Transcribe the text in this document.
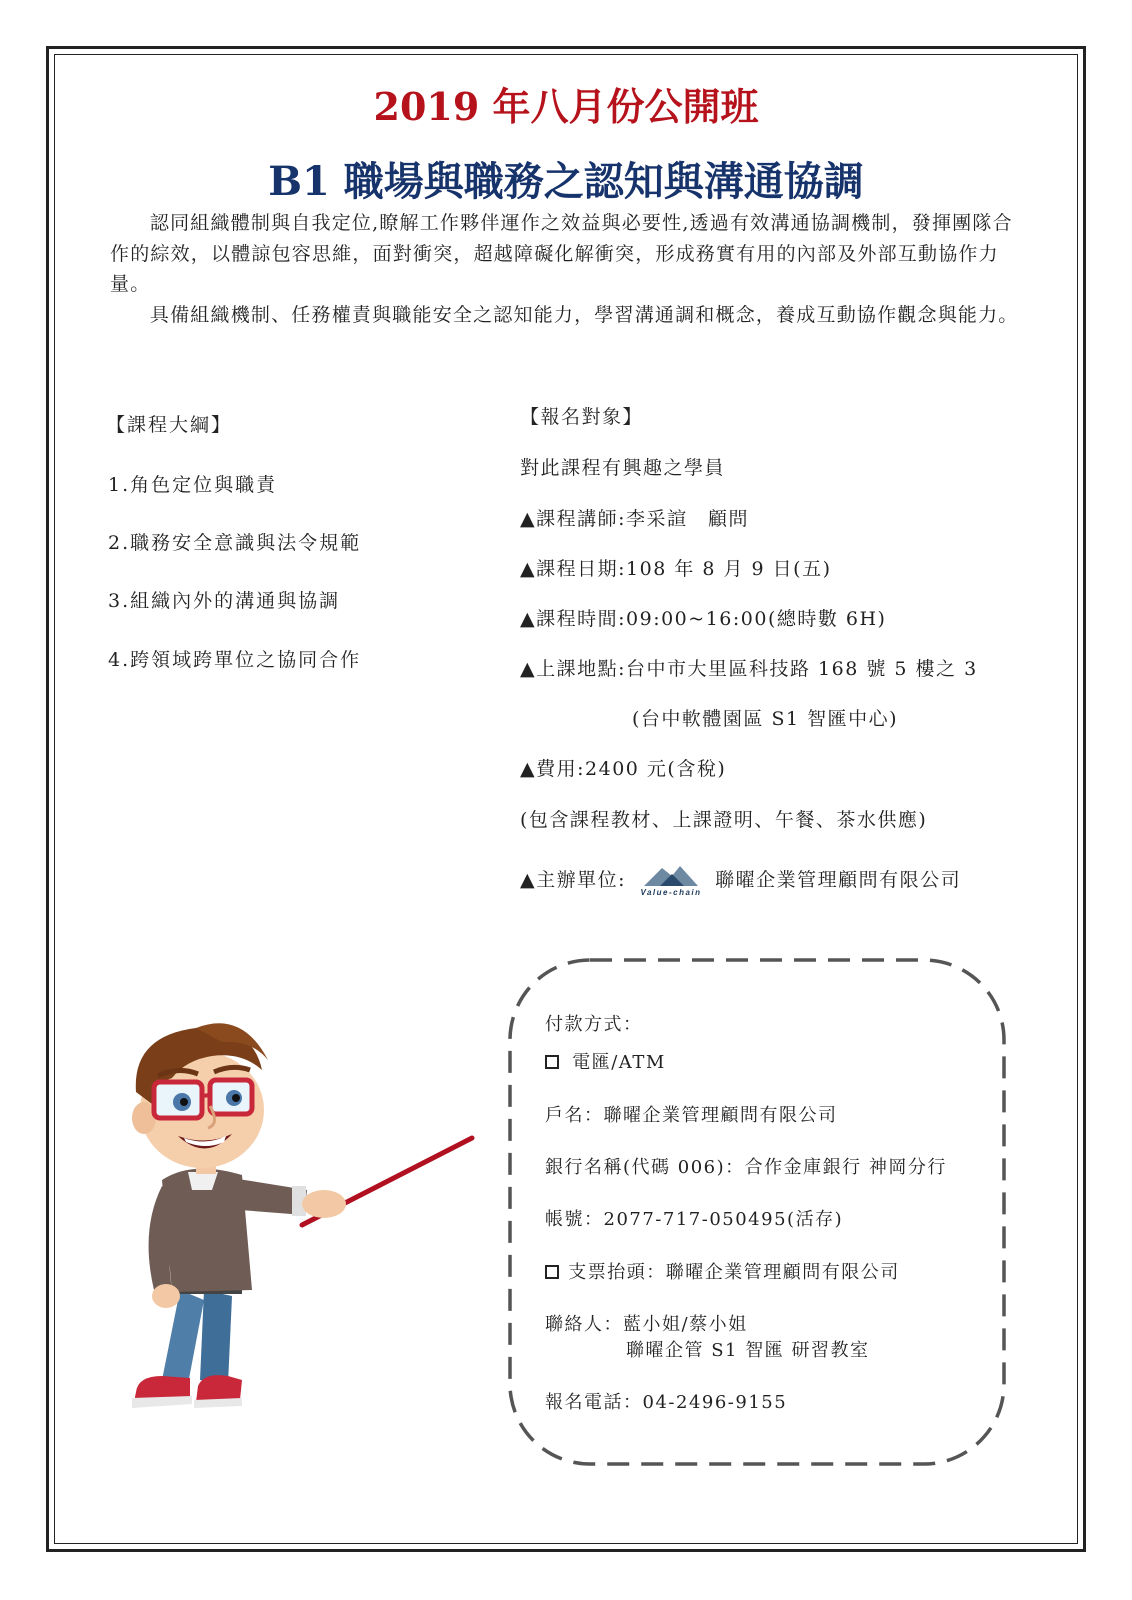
2019 年八月份公開班
B1 職場與職務之認知與溝通協調

認同組織體制與自我定位,瞭解工作夥伴運作之效益與必要性,透過有效溝通協調機制，發揮團隊合作的綜效，以體諒包容思維，面對衝突，超越障礙化解衝突，形成務實有用的內部及外部互動協作力量。

具備組織機制、任務權責與職能安全之認知能力，學習溝通調和概念，養成互動協作觀念與能力。

【課程大綱】
1.角色定位與職責
2.職務安全意識與法令規範
3.組織內外的溝通與協調
4.跨領域跨單位之協同合作
【報名對象】
對此課程有興趣之學員
▲課程講師:李采諠　顧問
▲課程日期:108 年 8 月 9 日(五)
▲課程時間:09:00~16:00(總時數 6H)
▲上課地點:台中市大里區科技路 168 號 5 樓之 3
(台中軟體園區 S1 智匯中心)
▲費用:2400 元(含稅)
(包含課程教材、上課證明、午餐、茶水供應)
▲主辦單位:
Value-chain
聯曜企業管理顧問有限公司
付款方式：
電匯/ATM
戶名：聯曜企業管理顧問有限公司
銀行名稱(代碼 006)：合作金庫銀行 神岡分行
帳號：2077-717-050495(活存)
支票抬頭：聯曜企業管理顧問有限公司
聯絡人：藍小姐/蔡小姐
聯曜企管 S1 智匯 研習教室
報名電話：04-2496-9155
